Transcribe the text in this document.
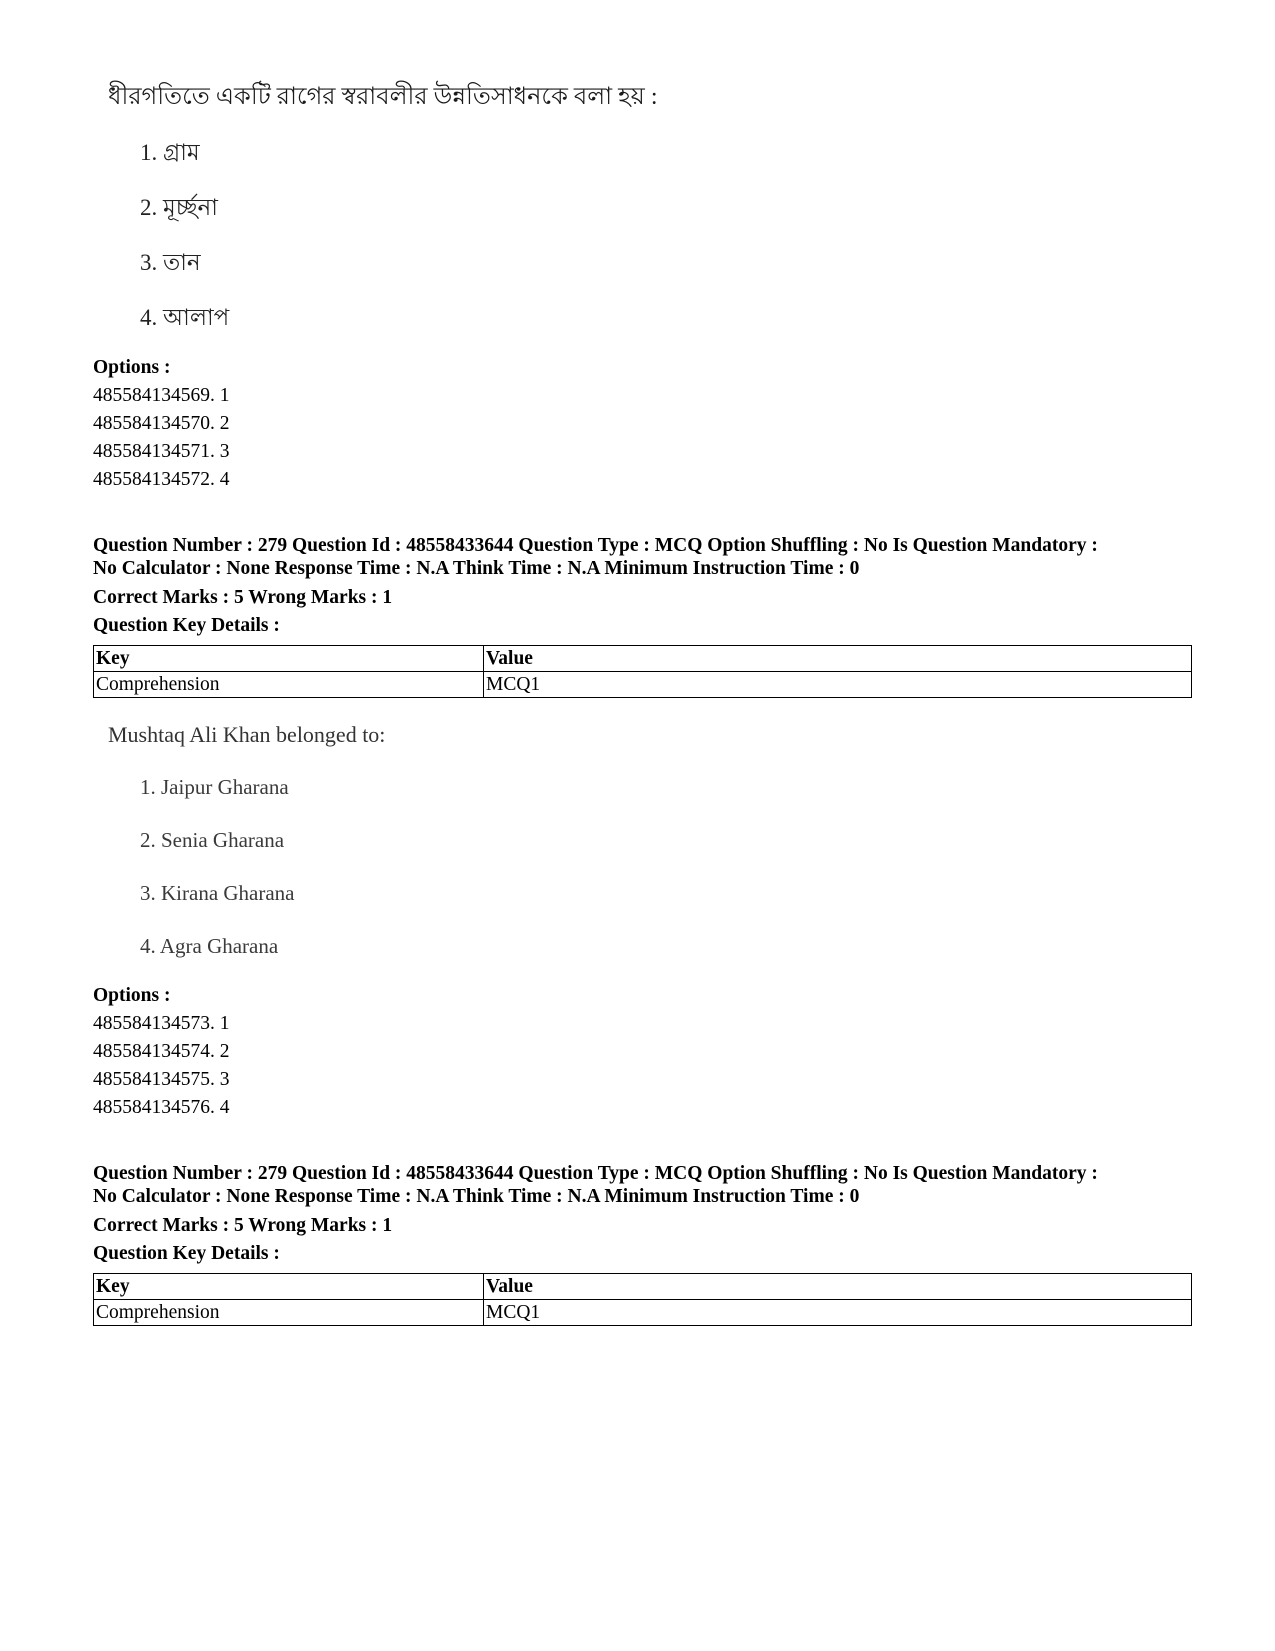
ধীরগতিতে একটি রাগের স্বরাবলীর উন্নতিসাধনকে বলা হয় :
1. গ্রাম
2. মূর্চ্ছনা
3. তান
4. আলাপ
Options :
485584134569. 1
485584134570. 2
485584134571. 3
485584134572. 4
Question Number : 279 Question Id : 48558433644 Question Type : MCQ Option Shuffling : No Is Question Mandatory :
No Calculator : None Response Time : N.A Think Time : N.A Minimum Instruction Time : 0
Correct Marks : 5 Wrong Marks : 1
Question Key Details :
Key	Value
Comprehension	MCQ1
Mushtaq Ali Khan belonged to:
1. Jaipur Gharana
2. Senia Gharana
3. Kirana Gharana
4. Agra Gharana
Options :
485584134573. 1
485584134574. 2
485584134575. 3
485584134576. 4
Question Number : 279 Question Id : 48558433644 Question Type : MCQ Option Shuffling : No Is Question Mandatory :
No Calculator : None Response Time : N.A Think Time : N.A Minimum Instruction Time : 0
Correct Marks : 5 Wrong Marks : 1
Question Key Details :
Key	Value
Comprehension	MCQ1
